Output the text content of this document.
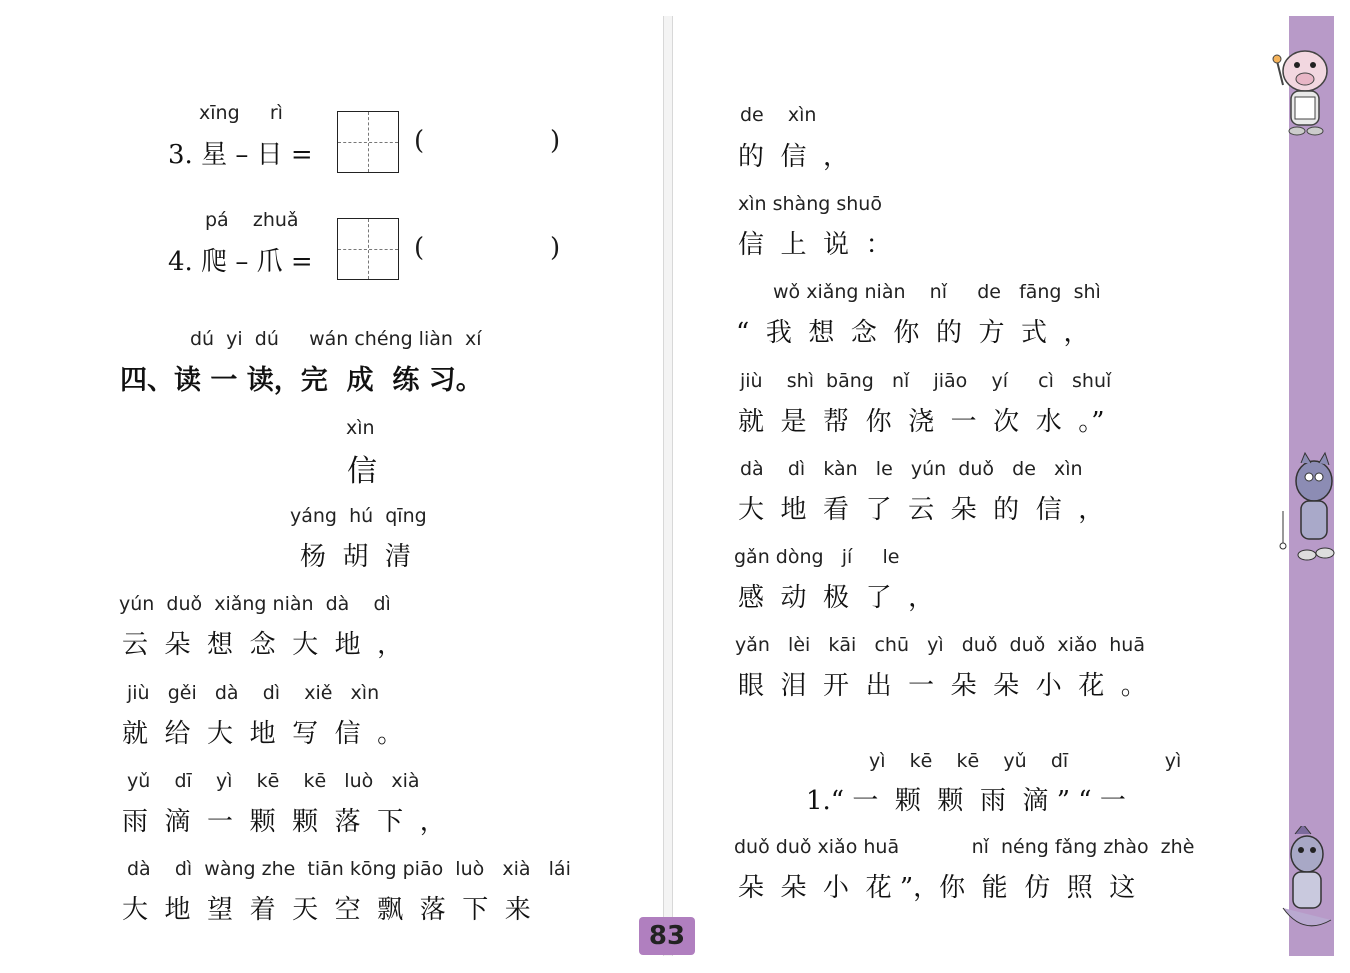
xīng     rì
3. 星 – 日 =	(	)
pá    zhuǎ
4. 爬 – 爪 =	(	)
dú  yi  dú     wán chéng liàn  xí
四、读 一 读，完  成  练 习。
xìn
信
yáng  hú  qīng
杨  胡  清
yún  duǒ  xiǎng niàn  dà    dì
云  朵  想  念  大  地  ，
jiù   gěi   dà    dì    xiě   xìn
就  给  大  地  写  信  。
yǔ    dī    yì    kē    kē   luò   xià
雨  滴  一  颗  颗  落  下  ，
dà    dì  wàng zhe  tiān kōng piāo  luò   xià   lái
大  地  望  着  天  空  飘  落  下  来
83
de    xìn
的  信  ，
xìn shàng shuō
信  上  说  ：
wǒ xiǎng niàn    nǐ     de   fāng  shì
“  我  想  念  你  的  方  式  ，
jiù    shì  bāng   nǐ    jiāo    yí     cì   shuǐ
就  是  帮  你  浇  一  次  水  。”
dà    dì   kàn   le   yún  duǒ   de   xìn
大  地  看  了  云  朵  的  信  ，
gǎn dòng   jí     le
感  动  极  了  ，
yǎn   lèi   kāi   chū   yì   duǒ  duǒ  xiǎo  huā
眼  泪  开  出  一  朵  朵  小  花  。
yì    kē    kē    yǔ    dī                yì
1.“ 一  颗  颗  雨  滴 ” “ 一
duǒ duǒ xiǎo huā            nǐ  néng fǎng zhào  zhè
朵  朵  小  花 ”，你  能  仿  照  这
